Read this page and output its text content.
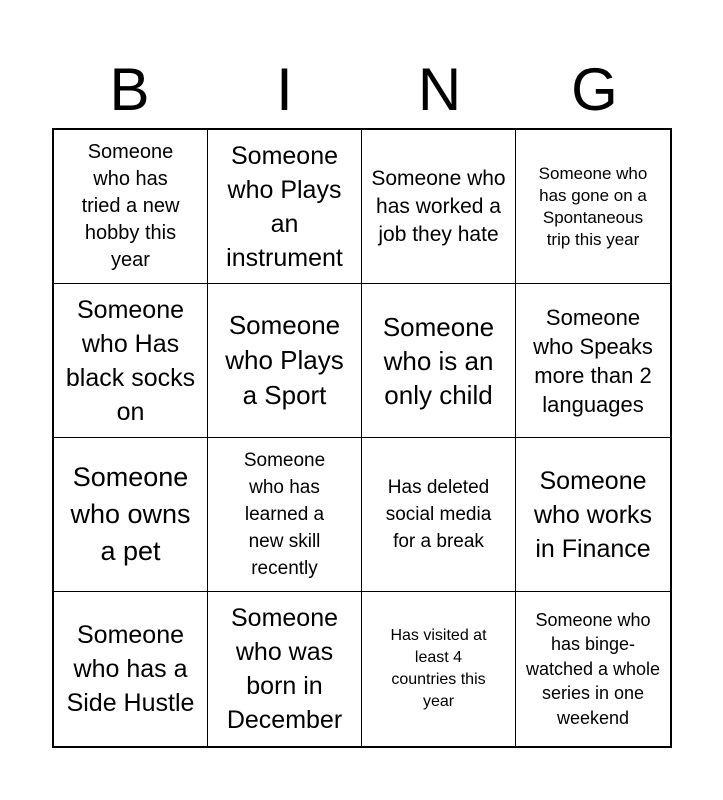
B	I	N	G
Someone who has tried a new hobby this year
Someone who Plays an instrument
Someone who has worked a job they hate
Someone who has gone on a Spontaneous trip this year
Someone who Has black socks on
Someone who Plays a Sport
Someone who is an only child
Someone who Speaks more than 2 languages
Someone who owns a pet
Someone who has learned a new skill recently
Has deleted social media for a break
Someone who works in Finance
Someone who has a Side Hustle
Someone who was born in December
Has visited at least 4 countries this year
Someone who has binge-watched a whole series in one weekend
